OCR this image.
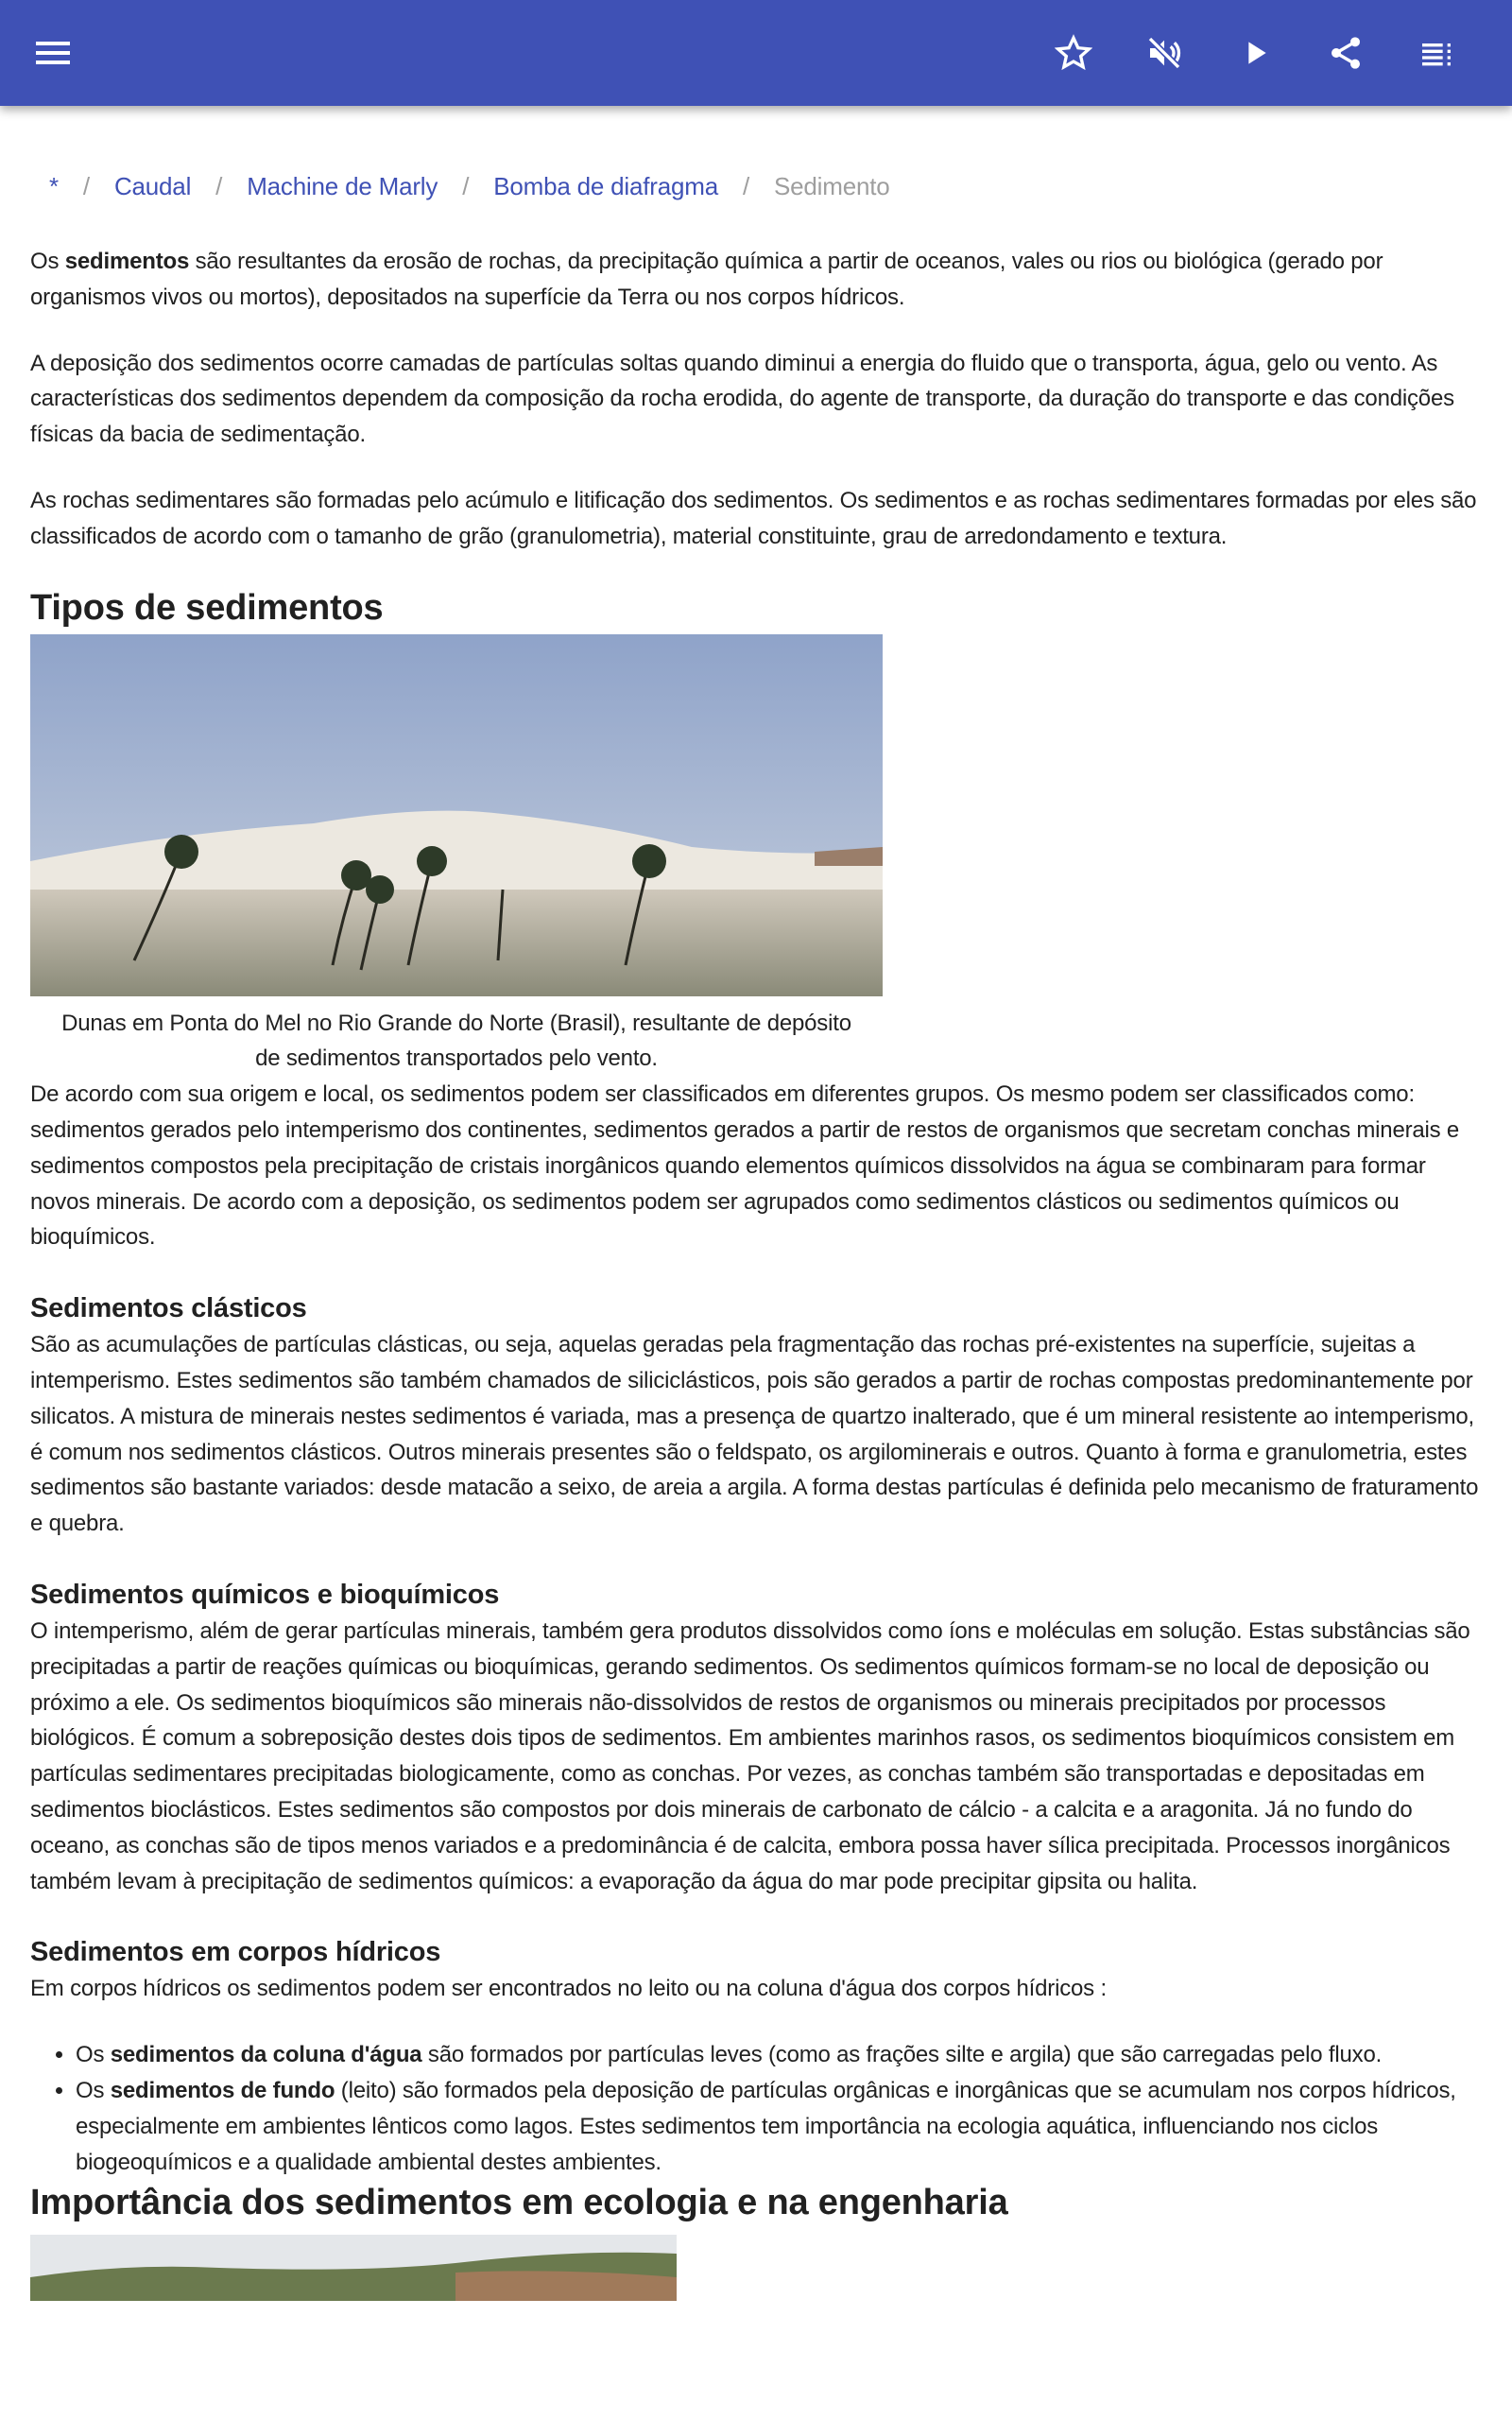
* / Caudal / Machine de Marly / Bomba de diafragma / Sedimento

Os sedimentos são resultantes da erosão de rochas, da precipitação química a partir de oceanos, vales ou rios ou biológica (gerado por organismos vivos ou mortos), depositados na superfície da Terra ou nos corpos hídricos.

A deposição dos sedimentos ocorre camadas de partículas soltas quando diminui a energia do fluido que o transporta, água, gelo ou vento. As características dos sedimentos dependem da composição da rocha erodida, do agente de transporte, da duração do transporte e das condições físicas da bacia de sedimentação.

As rochas sedimentares são formadas pelo acúmulo e litificação dos sedimentos. Os sedimentos e as rochas sedimentares formadas por eles são classificados de acordo com o tamanho de grão (granulometria), material constituinte, grau de arredondamento e textura.

Tipos de sedimentos
Dunas em Ponta do Mel no Rio Grande do Norte (Brasil), resultante de depósito de sedimentos transportados pelo vento.

De acordo com sua origem e local, os sedimentos podem ser classificados em diferentes grupos. Os mesmo podem ser classificados como: sedimentos gerados pelo intemperismo dos continentes, sedimentos gerados a partir de restos de organismos que secretam conchas minerais e sedimentos compostos pela precipitação de cristais inorgânicos quando elementos químicos dissolvidos na água se combinaram para formar novos minerais. De acordo com a deposição, os sedimentos podem ser agrupados como sedimentos clásticos ou sedimentos químicos ou bioquímicos.

Sedimentos clásticos

São as acumulações de partículas clásticas, ou seja, aquelas geradas pela fragmentação das rochas pré-existentes na superfície, sujeitas a intemperismo. Estes sedimentos são também chamados de siliciclásticos, pois são gerados a partir de rochas compostas predominantemente por silicatos. A mistura de minerais nestes sedimentos é variada, mas a presença de quartzo inalterado, que é um mineral resistente ao intemperismo, é comum nos sedimentos clásticos. Outros minerais presentes são o feldspato, os argilominerais e outros. Quanto à forma e granulometria, estes sedimentos são bastante variados: desde matacão a seixo, de areia a argila. A forma destas partículas é definida pelo mecanismo de fraturamento e quebra.

Sedimentos químicos e bioquímicos

O intemperismo, além de gerar partículas minerais, também gera produtos dissolvidos como íons e moléculas em solução. Estas substâncias são precipitadas a partir de reações químicas ou bioquímicas, gerando sedimentos. Os sedimentos químicos formam-se no local de deposição ou próximo a ele. Os sedimentos bioquímicos são minerais não-dissolvidos de restos de organismos ou minerais precipitados por processos biológicos. É comum a sobreposição destes dois tipos de sedimentos. Em ambientes marinhos rasos, os sedimentos bioquímicos consistem em partículas sedimentares precipitadas biologicamente, como as conchas. Por vezes, as conchas também são transportadas e depositadas em sedimentos bioclásticos. Estes sedimentos são compostos por dois minerais de carbonato de cálcio - a calcita e a aragonita. Já no fundo do oceano, as conchas são de tipos menos variados e a predominância é de calcita, embora possa haver sílica precipitada. Processos inorgânicos também levam à precipitação de sedimentos químicos: a evaporação da água do mar pode precipitar gipsita ou halita.

Sedimentos em corpos hídricos

Em corpos hídricos os sedimentos podem ser encontrados no leito ou na coluna d'água dos corpos hídricos :

• Os sedimentos da coluna d'água são formados por partículas leves (como as frações silte e argila) que são carregadas pelo fluxo.
• Os sedimentos de fundo (leito) são formados pela deposição de partículas orgânicas e inorgânicas que se acumulam nos corpos hídricos, especialmente em ambientes lênticos como lagos. Estes sedimentos tem importância na ecologia aquática, influenciando nos ciclos biogeoquímicos e a qualidade ambiental destes ambientes.
Importância dos sedimentos em ecologia e na engenharia
